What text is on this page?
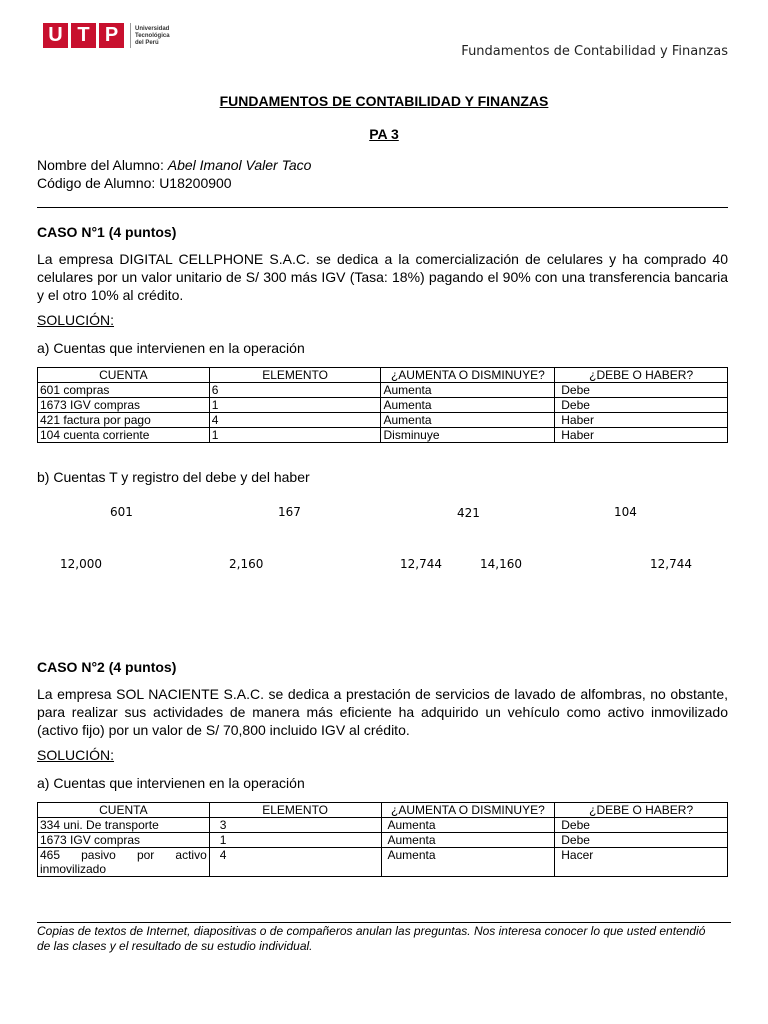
U T P	Universidad
Tecnológica
del Perú
Fundamentos de Contabilidad y Finanzas
FUNDAMENTOS DE CONTABILIDAD Y FINANZAS
PA 3
Nombre del Alumno: Abel Imanol Valer Taco
Código de Alumno: U18200900
CASO N°1 (4 puntos)
La empresa DIGITAL CELLPHONE S.A.C. se dedica a la comercialización de celulares y ha comprado 40 celulares por un valor unitario de S/ 300 más IGV (Tasa: 18%) pagando el 90% con una transferencia bancaria y el otro 10% al crédito.
SOLUCIÓN:
a) Cuentas que intervienen en la operación
CUENTA	ELEMENTO	¿AUMENTA O DISMINUYE?	¿DEBE O HABER?
601 compras	6	Aumenta	Debe
1673 IGV compras	1	Aumenta	Debe
421 factura por pago	4	Aumenta	Haber
104 cuenta corriente	1	Disminuye	Haber
b) Cuentas T y registro del debe y del haber
601
12,000
167
2,160
421
12,744	14,160
104
12,744
CASO N°2 (4 puntos)
La empresa SOL NACIENTE S.A.C. se dedica a prestación de servicios de lavado de alfombras, no obstante, para realizar sus actividades de manera más eficiente ha adquirido un vehículo como activo inmovilizado (activo fijo) por un valor de S/ 70,800 incluido IGV al crédito.
SOLUCIÓN:
a) Cuentas que intervienen en la operación
CUENTA	ELEMENTO	¿AUMENTA O DISMINUYE?	¿DEBE O HABER?
334 uni. De transporte	3	Aumenta	Debe
1673 IGV compras	1	Aumenta	Debe
465 pasivo por activo inmovilizado	4	Aumenta	Hacer
Copias de textos de Internet, diapositivas o de compañeros anulan las preguntas. Nos interesa conocer lo que usted entendió de las clases y el resultado de su estudio individual.
